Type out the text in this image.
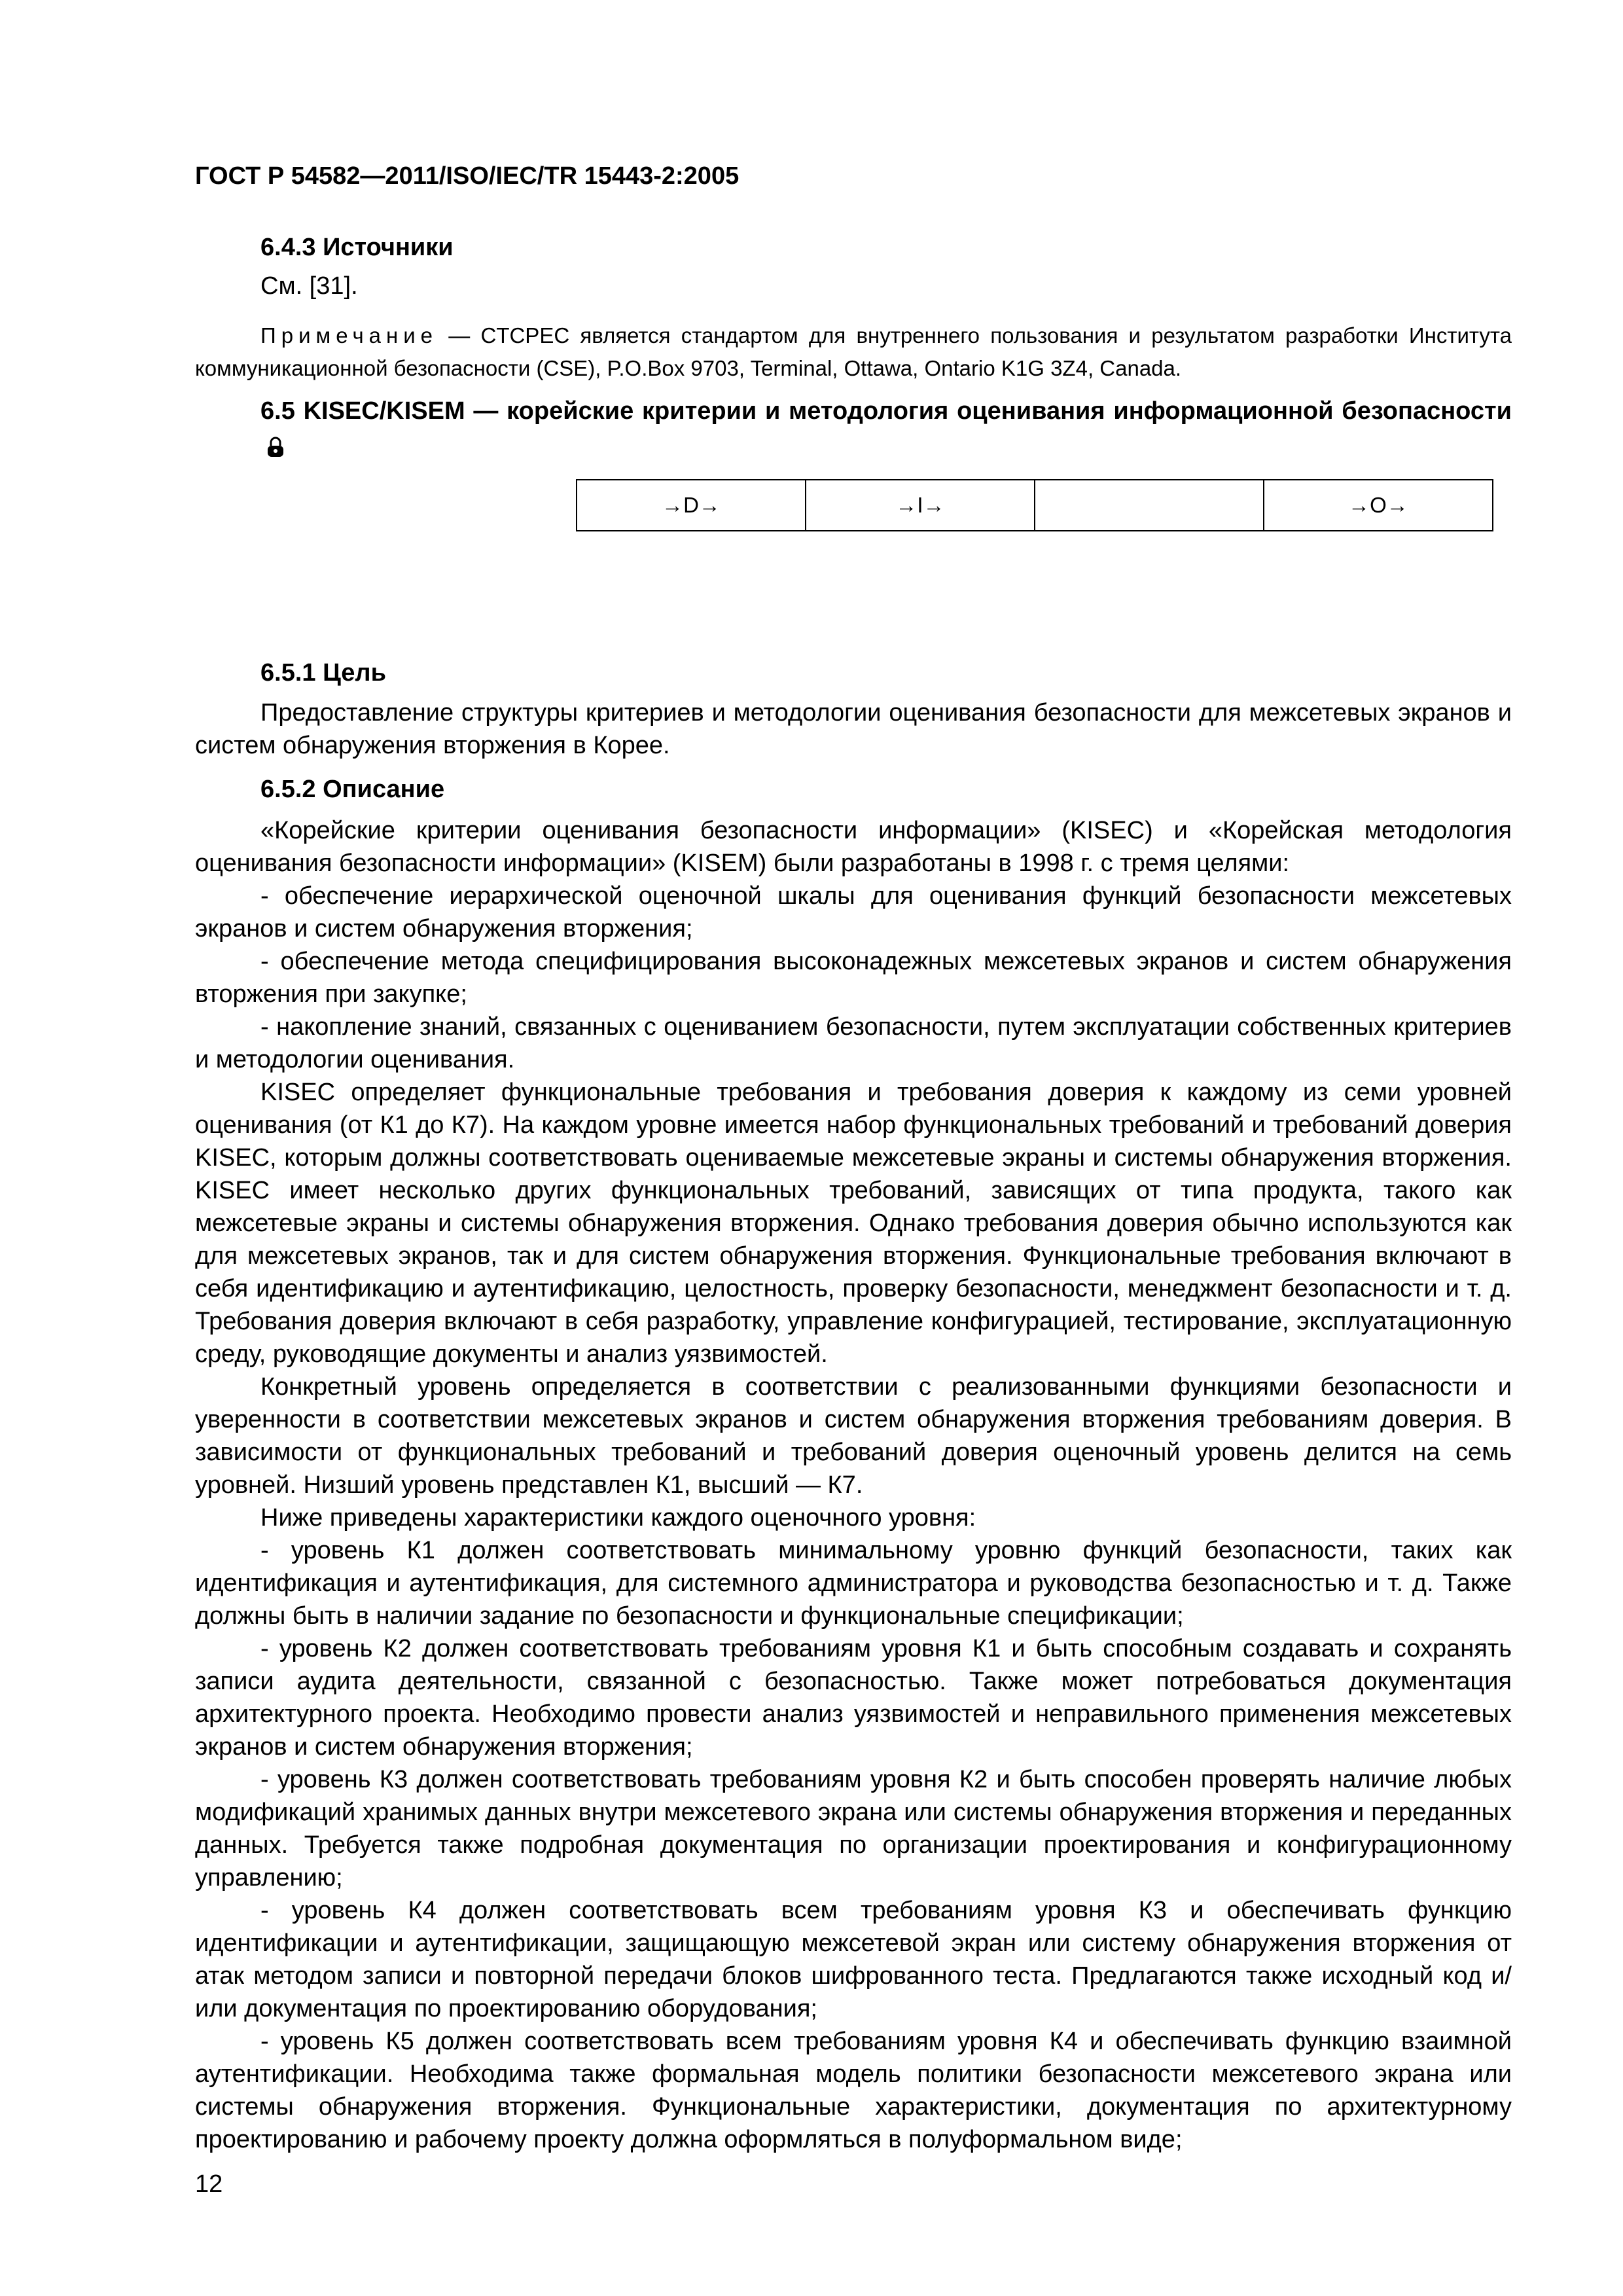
ГОСТ Р 54582—2011/ISO/IEC/TR 15443-2:2005

6.4.3 Источники

См. [31].

Примечание — CTCPEC является стандартом для внутреннего пользования и результатом разработки Института коммуникационной безопасности (CSE), P.O.Box 9703, Terminal, Ottawa, Ontario K1G 3Z4, Canada.

6.5 KISEC/KISEM — корейские критерии и методология оценивания информационной безопасности

→D→	→I→		→O→

6.5.1 Цель

Предоставление структуры критериев и методологии оценивания безопасности для межсетевых экранов и систем обнаружения вторжения в Корее.

6.5.2 Описание

«Корейские критерии оценивания безопасности информации» (KISEC) и «Корейская методология оценивания безопасности информации» (KISEM) были разработаны в 1998 г. с тремя целями:

- обеспечение иерархической оценочной шкалы для оценивания функций безопасности межсетевых экранов и систем обнаружения вторжения;

- обеспечение метода специфицирования высоконадежных межсетевых экранов и систем обнаружения вторжения при закупке;

- накопление знаний, связанных с оцениванием безопасности, путем эксплуатации собственных критериев и методологии оценивания.

KISEC определяет функциональные требования и требования доверия к каждому из семи уровней оценивания (от К1 до К7). На каждом уровне имеется набор функциональных требований и требований доверия KISEC, которым должны соответствовать оцениваемые межсетевые экраны и системы обнаружения вторжения. KISEC имеет несколько других функциональных требований, зависящих от типа продукта, такого как межсетевые экраны и системы обнаружения вторжения. Однако требования доверия обычно используются как для межсетевых экранов, так и для систем обнаружения вторжения. Функциональные требования включают в себя идентификацию и аутентификацию, целостность, проверку безопасности, менеджмент безопасности и т. д. Требования доверия включают в себя разработку, управление конфигурацией, тестирование, эксплуатационную среду, руководящие документы и анализ уязвимостей.

Конкретный уровень определяется в соответствии с реализованными функциями безопасности и уверенности в соответствии межсетевых экранов и систем обнаружения вторжения требованиям доверия. В зависимости от функциональных требований и требований доверия оценочный уровень делится на семь уровней. Низший уровень представлен К1, высший — К7.

Ниже приведены характеристики каждого оценочного уровня:

- уровень К1 должен соответствовать минимальному уровню функций безопасности, таких как идентификация и аутентификация, для системного администратора и руководства безопасностью и т. д. Также должны быть в наличии задание по безопасности и функциональные спецификации;

- уровень К2 должен соответствовать требованиям уровня К1 и быть способным создавать и сохранять записи аудита деятельности, связанной с безопасностью. Также может потребоваться документация архитектурного проекта. Необходимо провести анализ уязвимостей и неправильного применения межсетевых экранов и систем обнаружения вторжения;

- уровень К3 должен соответствовать требованиям уровня К2 и быть способен проверять наличие любых модификаций хранимых данных внутри межсетевого экрана или системы обнаружения вторжения и переданных данных. Требуется также подробная документация по организации проектирования и конфигурационному управлению;

- уровень К4 должен соответствовать всем требованиям уровня К3 и обеспечивать функцию идентификации и аутентификации, защищающую межсетевой экран или систему обнаружения вторжения от атак методом записи и повторной передачи блоков шифрованного теста. Предлагаются также исходный код и/или документация по проектированию оборудования;

- уровень К5 должен соответствовать всем требованиям уровня К4 и обеспечивать функцию взаимной аутентификации. Необходима также формальная модель политики безопасности межсетевого экрана или системы обнаружения вторжения. Функциональные характеристики, документация по архитектурному проектированию и рабочему проекту должна оформляться в полуформальном виде;

12
